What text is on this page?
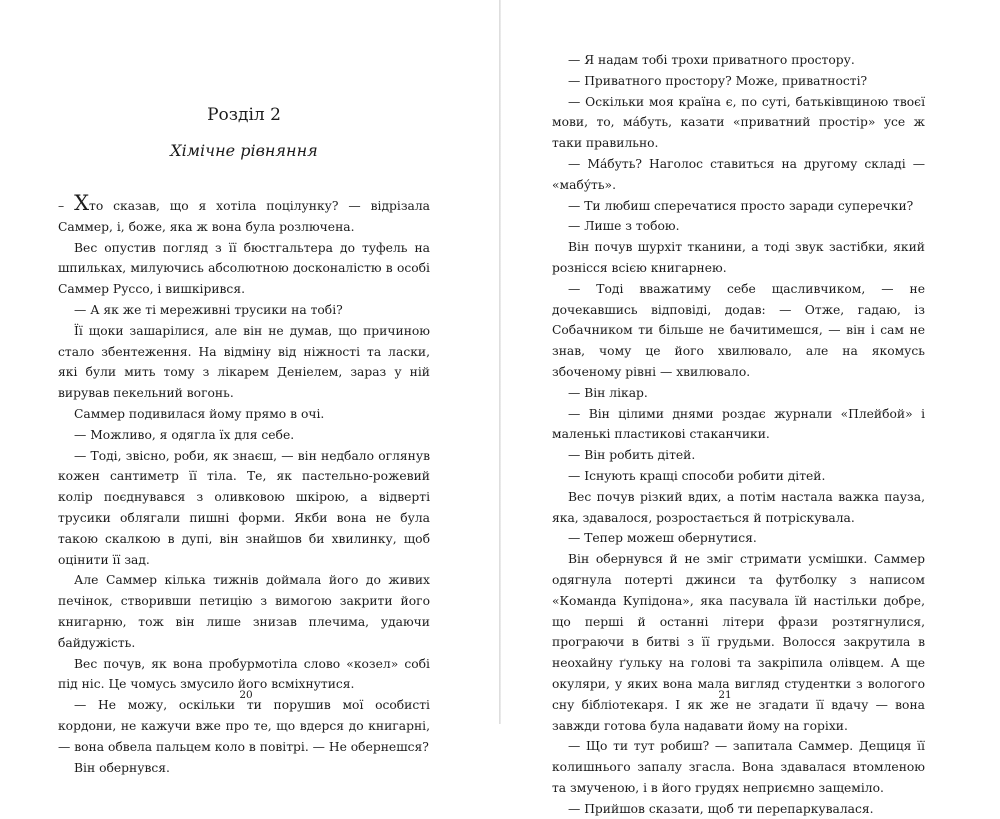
Розділ 2
Хімічне рівняння

– Хто сказав, що я хотіла поцілунку? — відрізала Саммер, і, боже, яка ж вона була розлючена.

Вес опустив погляд з її бюстгальтера до туфель на шпильках, милуючись абсолютною досконалістю в особі Саммер Руссо, і вишкірився.

— А як же ті мереживні трусики на тобі?

Її щоки зашарілися, але він не думав, що причиною стало збентеження. На відміну від ніжності та ласки, які були мить тому з лікарем Деніелем, зараз у ній вирував пекельний вогонь.

Саммер подивилася йому прямо в очі.

— Можливо, я одягла їх для себе.

— Тоді, звісно, роби, як знаєш, — він недбало оглянув кожен сантиметр її тіла. Те, як пастельно-рожевий колір поєднувався з оливковою шкірою, а відверті трусики облягали пишні форми. Якби вона не була такою скалкою в дупі, він знайшов би хвилинку, щоб оцінити її зад.

Але Саммер кілька тижнів доймала його до живих печінок, створивши петицію з вимогою закрити його книгарню, тож він лише знизав плечима, удаючи байдужість.

Вес почув, як вона пробурмотіла слово «козел» собі під ніс. Це чомусь змусило його всміхнутися.

— Не можу, оскільки ти порушив мої особисті кордони, не кажучи вже про те, що вдерся до книгарні, — вона обвела пальцем коло в повітрі. — Не обернешся?

Він обернувся.

20

— Я надам тобі трохи приватного простору.

— Приватного простору? Може, приватності?

— Оскільки моя країна є, по суті, батьківщиною твоєї мови, то, ма́буть, казати «приватний простір» усе ж таки правильно.

— Ма́буть? Наголос ставиться на другому складі — «мабу́ть».

— Ти любиш сперечатися просто заради суперечки?

— Лише з тобою.

Він почув шурхіт тканини, а тоді звук застібки, який рознісся всією книгарнею.

— Тоді вважатиму себе щасливчиком, — не дочекавшись відповіді, додав: — Отже, гадаю, із Собачником ти більше не бачитимешся, — він і сам не знав, чому це його хвилювало, але на якомусь збоченому рівні — хвилювало.

— Він лікар.

— Він цілими днями роздає журнали «Плейбой» і маленькі пластикові стаканчики.

— Він робить дітей.

— Існують кращі способи робити дітей.

Вес почув різкий вдих, а потім настала важка пауза, яка, здавалося, розростається й потріскувала.

— Тепер можеш обернутися.

Він обернувся й не зміг стримати усмішки. Саммер одягнула потерті джинси та футболку з написом «Команда Купідона», яка пасувала їй настільки добре, що перші й останні літери фрази розтягнулися, програючи в битві з її грудьми. Волосся закрутила в неохайну ґульку на голові та закріпила олівцем. А ще окуляри, у яких вона мала вигляд студентки з вологого сну бібліотекаря. І як же не згадати її вдачу — вона завжди готова була надавати йому на горіхи.

— Що ти тут робиш? — запитала Саммер. Дещиця її колишнього запалу згасла. Вона здавалася втомленою та змученою, і в його грудях неприємно защеміло.

— Прийшов сказати, щоб ти перепаркувалася.

21
